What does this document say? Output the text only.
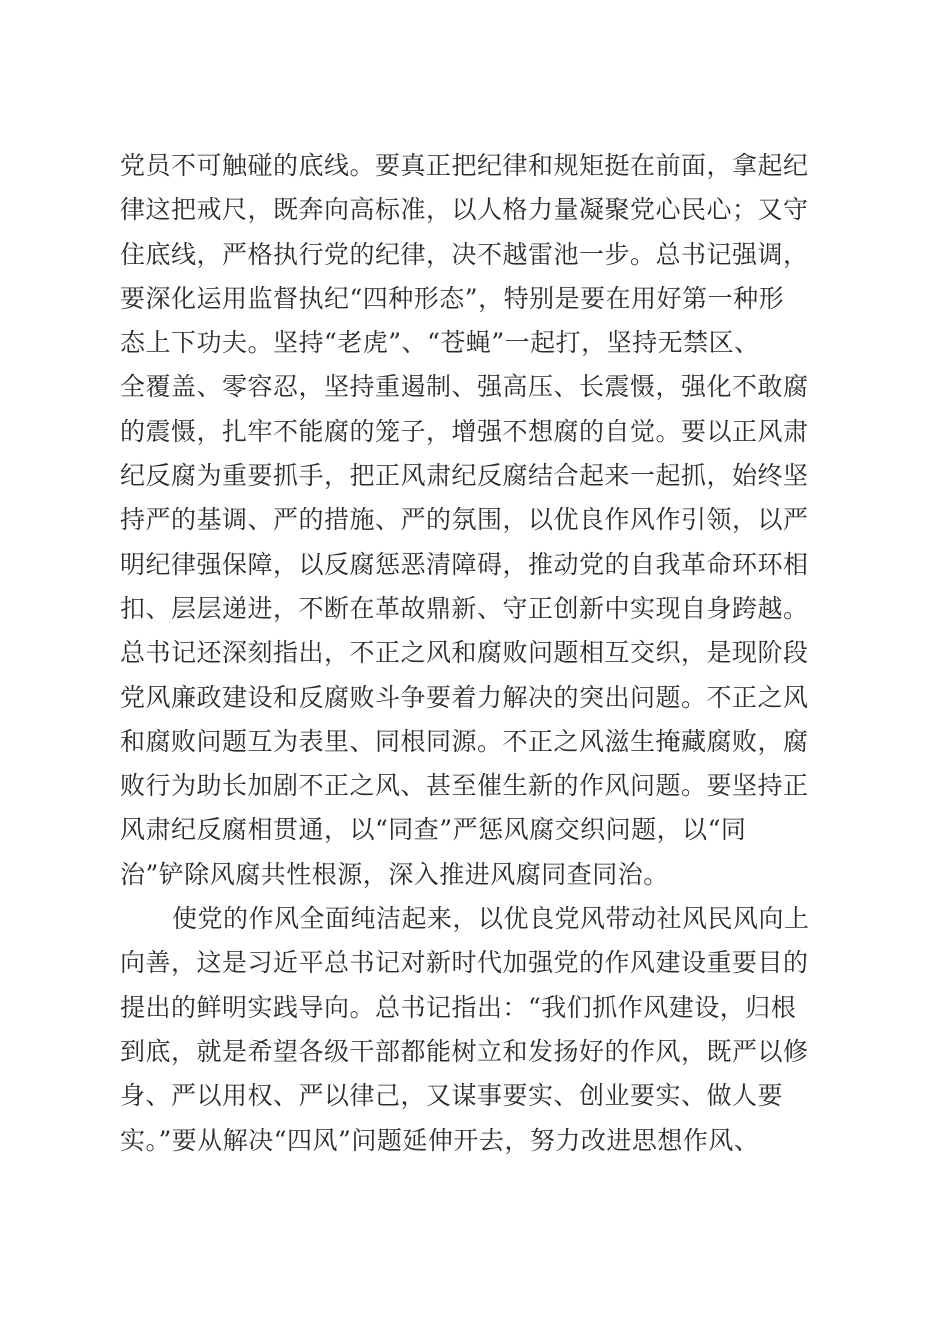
党员不可触碰的底线。要真正把纪律和规矩挺在前面，拿起纪
律这把戒尺，既奔向高标准，以人格力量凝聚党心民心；又守
住底线，严格执行党的纪律，决不越雷池一步。总书记强调，
要深化运用监督执纪“四种形态”，特别是要在用好第一种形
态上下功夫。坚持“老虎”、“苍蝇”一起打，坚持无禁区、
全覆盖、零容忍，坚持重遏制、强高压、长震慑，强化不敢腐
的震慑，扎牢不能腐的笼子，增强不想腐的自觉。要以正风肃
纪反腐为重要抓手，把正风肃纪反腐结合起来一起抓，始终坚
持严的基调、严的措施、严的氛围，以优良作风作引领，以严
明纪律强保障，以反腐惩恶清障碍，推动党的自我革命环环相
扣、层层递进，不断在革故鼎新、守正创新中实现自身跨越。
总书记还深刻指出，不正之风和腐败问题相互交织，是现阶段
党风廉政建设和反腐败斗争要着力解决的突出问题。不正之风
和腐败问题互为表里、同根同源。不正之风滋生掩藏腐败，腐
败行为助长加剧不正之风、甚至催生新的作风问题。要坚持正
风肃纪反腐相贯通，以“同查”严惩风腐交织问题，以“同
治”铲除风腐共性根源，深入推进风腐同查同治。
使党的作风全面纯洁起来，以优良党风带动社风民风向上
向善，这是习近平总书记对新时代加强党的作风建设重要目的
提出的鲜明实践导向。总书记指出：“我们抓作风建设，归根
到底，就是希望各级干部都能树立和发扬好的作风，既严以修
身、严以用权、严以律己，又谋事要实、创业要实、做人要
实。”要从解决“四风”问题延伸开去，努力改进思想作风、
